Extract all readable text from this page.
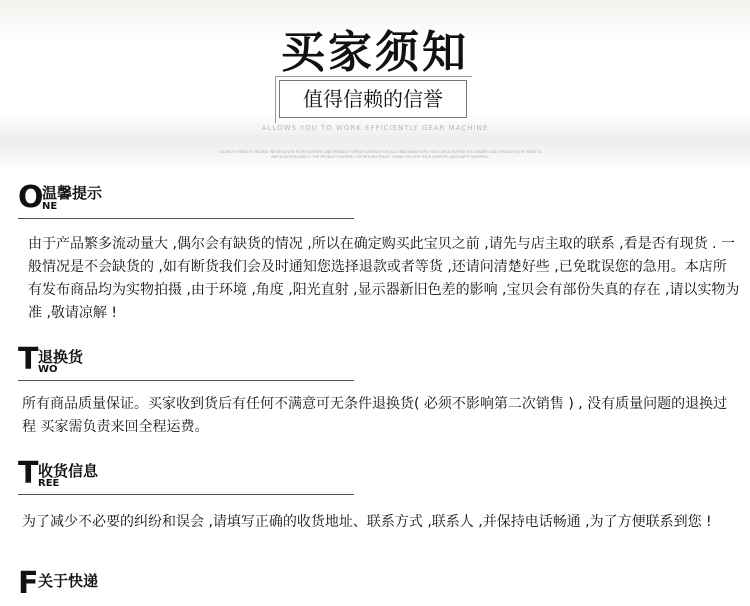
买家须知
值得信赖的信誉
ALLOWS YOU TO WORK EFFICIENTLY GEAR MACHINE
CLEAR IT TERMS TO REVIEW INFORMATION YOUR CONTENT AND PRODUCT SPECIFICATIONS FOR ALL ITEMS MAKE SURE YOU CHECK BEFORE YOU ORDER AND CONTACT US IF THERE IS ANY QUESTION ABOUT THE PRODUCT SHIPPING OR RETURN POLICY THANK YOU FOR YOUR SUPPORT AND HAPPY SHOPPING
O
温馨提示
NE
由于产品繁多流动量大 ,偶尔会有缺货的情况 ,所以在确定购买此宝贝之前 ,请先与店主取的联系 ,看是否有现货 . 一般情况是不会缺货的 ,如有断货我们会及时通知您选择退款或者等货 ,还请问清楚好些 ,已免耽误您的急用。本店所有发布商品均为实物拍摄 ,由于环境 ,角度 ,阳光直射 ,显示器新旧色差的影响 ,宝贝会有部份失真的存在 ,请以实物为准 ,敬请凉解 !
T 退换货
WO
所有商品质量保证。买家收到货后有任何不满意可无条件退换货( 必须不影响第二次销售 ) , 没有质量问题的退换过程 买家需负责来回全程运费。
T 收货信息
REE
为了减少不必要的纠纷和误会 ,请填写正确的收货地址、联系方式 ,联系人 ,并保持电话畅通 ,为了方便联系到您 !
F 关于快递
